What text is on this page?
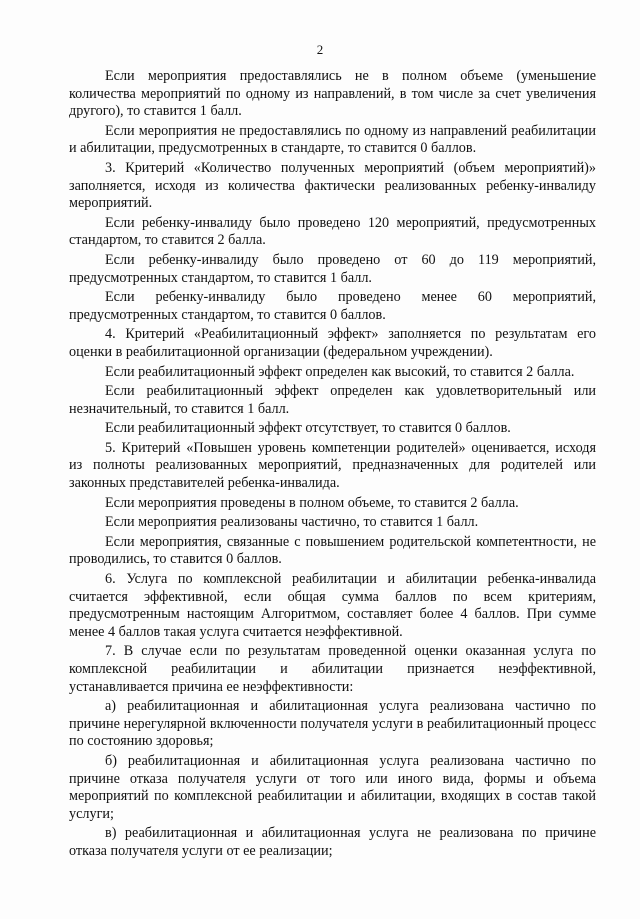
2

Если мероприятия предоставлялись не в полном объеме (уменьшение количества мероприятий по одному из направлений, в том числе за счет увеличения другого), то ставится 1 балл.

Если мероприятия не предоставлялись по одному из направлений реабилитации и абилитации, предусмотренных в стандарте, то ставится 0 баллов.

3. Критерий «Количество полученных мероприятий (объем мероприятий)» заполняется, исходя из количества фактически реализованных ребенку-инвалиду мероприятий.

Если ребенку-инвалиду было проведено 120 мероприятий, предусмотренных стандартом, то ставится 2 балла.

Если ребенку-инвалиду было проведено от 60 до 119 мероприятий, предусмотренных стандартом, то ставится 1 балл.

Если ребенку-инвалиду было проведено менее 60 мероприятий, предусмотренных стандартом, то ставится 0 баллов.

4. Критерий «Реабилитационный эффект» заполняется по результатам его оценки в реабилитационной организации (федеральном учреждении).

Если реабилитационный эффект определен как высокий, то ставится 2 балла.

Если реабилитационный эффект определен как удовлетворительный или незначительный, то ставится 1 балл.

Если реабилитационный эффект отсутствует, то ставится 0 баллов.

5. Критерий «Повышен уровень компетенции родителей» оценивается, исходя из полноты реализованных мероприятий, предназначенных для родителей или законных представителей ребенка-инвалида.

Если мероприятия проведены в полном объеме, то ставится 2 балла.

Если мероприятия реализованы частично, то ставится 1 балл.

Если мероприятия, связанные с повышением родительской компетентности, не проводились, то ставится 0 баллов.

6. Услуга по комплексной реабилитации и абилитации ребенка-инвалида считается эффективной, если общая сумма баллов по всем критериям, предусмотренным настоящим Алгоритмом, составляет более 4 баллов. При сумме менее 4 баллов такая услуга считается неэффективной.

7. В случае если по результатам проведенной оценки оказанная услуга по комплексной реабилитации и абилитации признается неэффективной, устанавливается причина ее неэффективности:

а) реабилитационная и абилитационная услуга реализована частично по причине нерегулярной включенности получателя услуги в реабилитационный процесс по состоянию здоровья;

б) реабилитационная и абилитационная услуга реализована частично по причине отказа получателя услуги от того или иного вида, формы и объема мероприятий по комплексной реабилитации и абилитации, входящих в состав такой услуги;

в) реабилитационная и абилитационная услуга не реализована по причине отказа получателя услуги от ее реализации;
